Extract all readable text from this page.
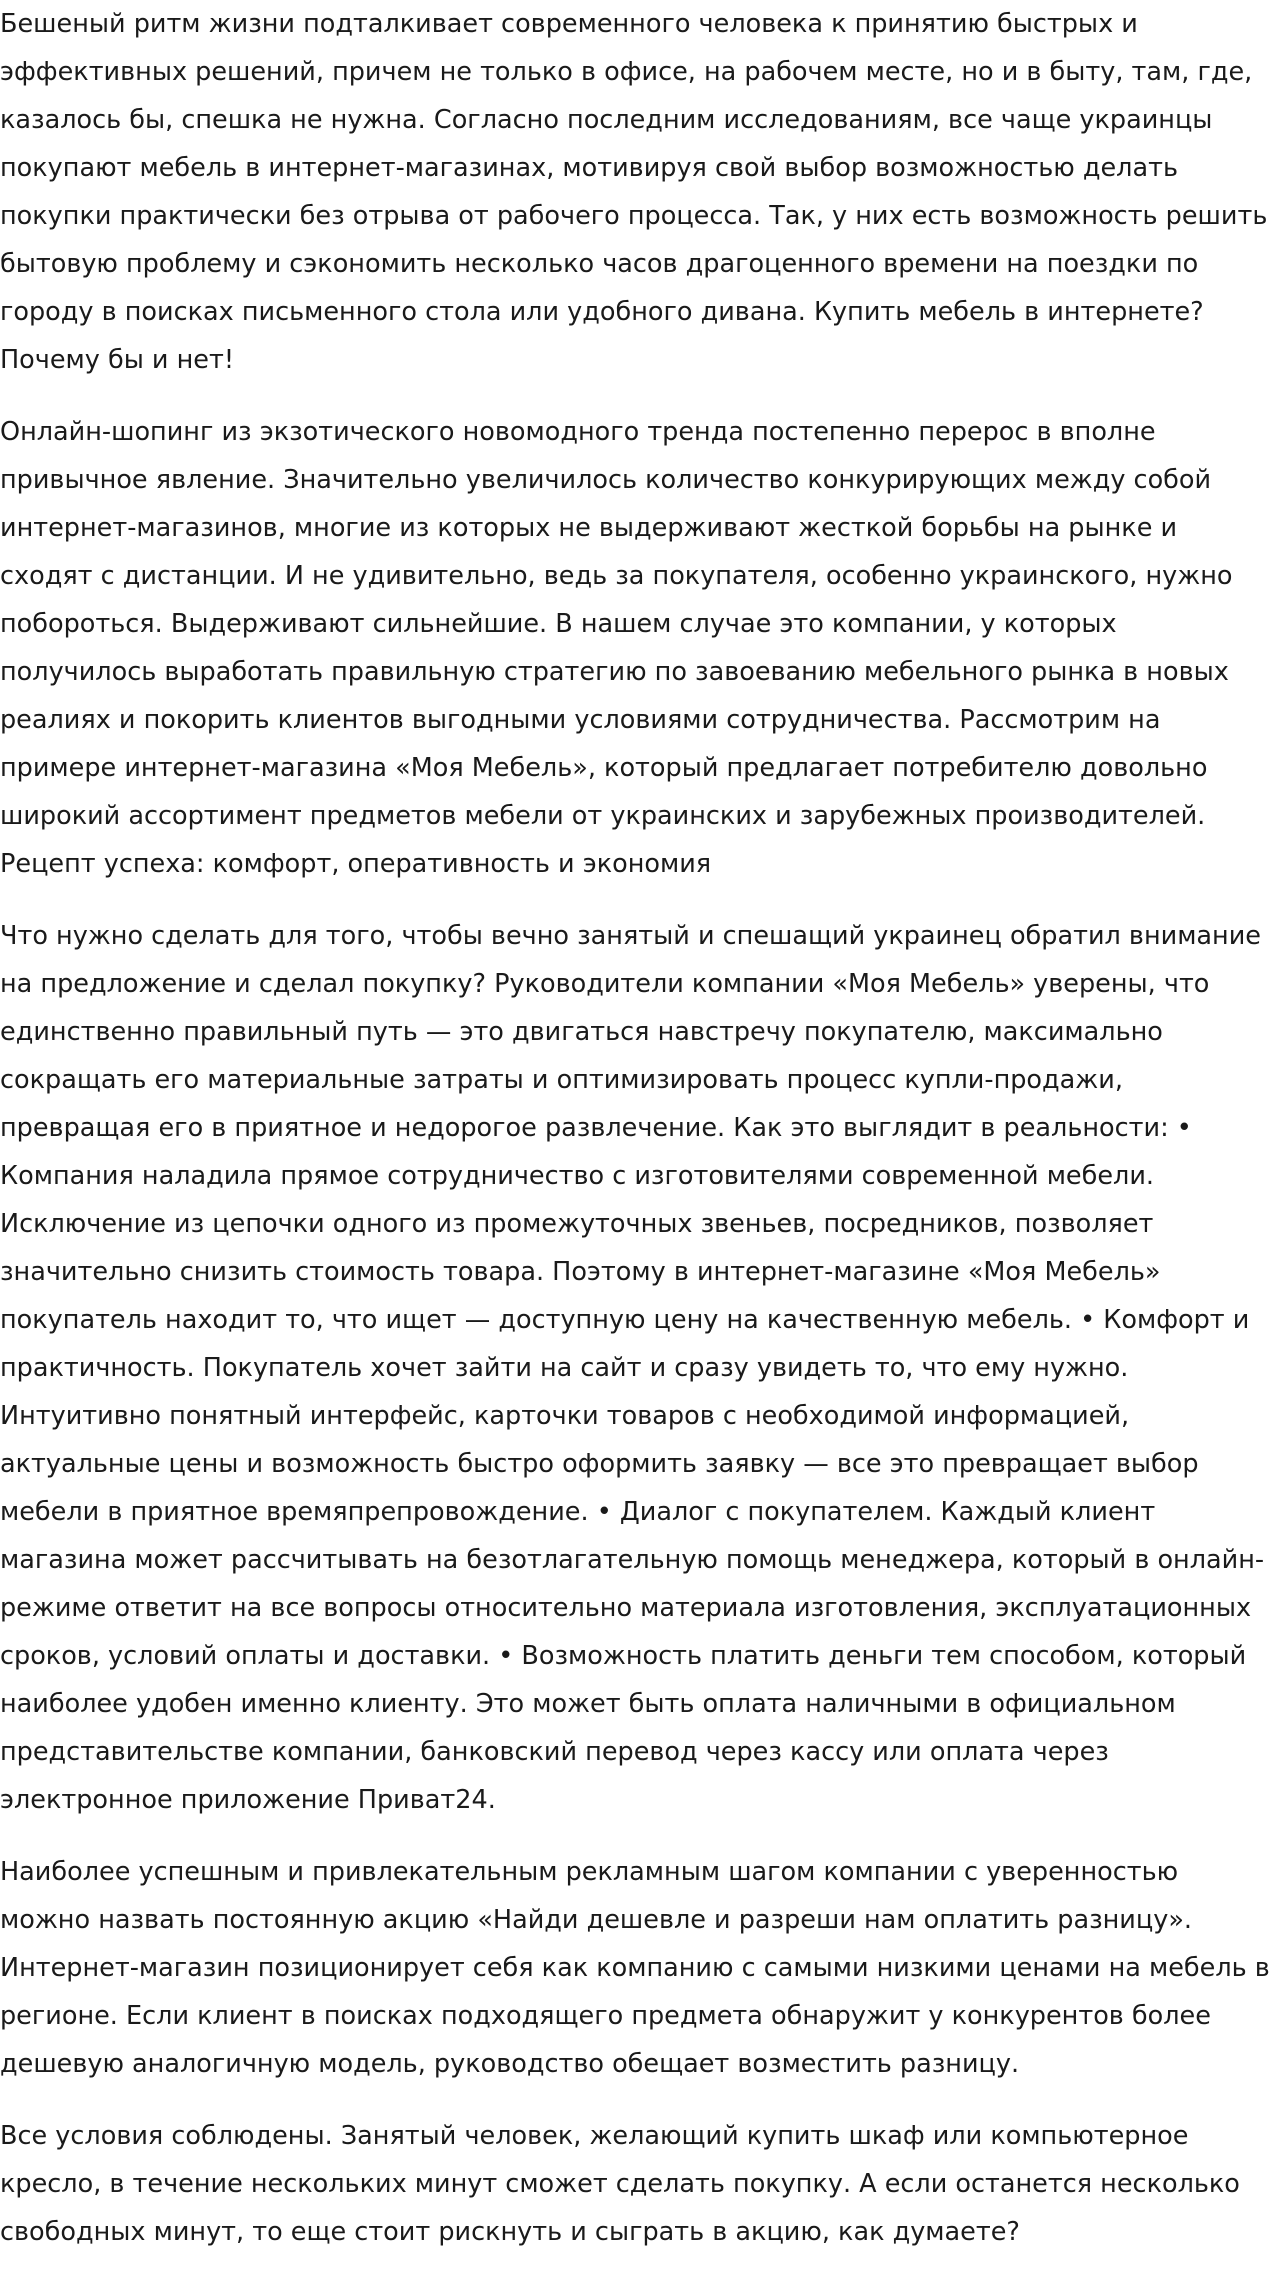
Бешеный ритм жизни подталкивает современного человека к принятию быстрых и эффективных решений, причем не только в офисе, на рабочем месте, но и в быту, там, где, казалось бы, спешка не нужна. Согласно последним исследованиям, все чаще украинцы покупают мебель в интернет-магазинах, мотивируя свой выбор возможностью делать покупки практически без отрыва от рабочего процесса. Так, у них есть возможность решить бытовую проблему и сэкономить несколько часов драгоценного времени на поездки по городу в поисках письменного стола или удобного дивана. Купить мебель в интернете? Почему бы и нет!

Онлайн-шопинг из экзотического новомодного тренда постепенно перерос в вполне привычное явление. Значительно увеличилось количество конкурирующих между собой интернет-магазинов, многие из которых не выдерживают жесткой борьбы на рынке и сходят с дистанции. И не удивительно, ведь за покупателя, особенно украинского, нужно побороться. Выдерживают сильнейшие. В нашем случае это компании, у которых получилось выработать правильную стратегию по завоеванию мебельного рынка в новых реалиях и покорить клиентов выгодными условиями сотрудничества. Рассмотрим на примере интернет-магазина «Моя Мебель», который предлагает потребителю довольно широкий ассортимент предметов мебели от украинских и зарубежных производителей. Рецепт успеха: комфорт, оперативность и экономия

Что нужно сделать для того, чтобы вечно занятый и спешащий украинец обратил внимание на предложение и сделал покупку? Руководители компании «Моя Мебель» уверены, что единственно правильный путь — это двигаться навстречу покупателю, максимально сокращать его материальные затраты и оптимизировать процесс купли-продажи, превращая его в приятное и недорогое развлечение. Как это выглядит в реальности: • Компания наладила прямое сотрудничество с изготовителями современной мебели. Исключение из цепочки одного из промежуточных звеньев, посредников, позволяет значительно снизить стоимость товара. Поэтому в интернет-магазине «Моя Мебель» покупатель находит то, что ищет — доступную цену на качественную мебель. • Комфорт и практичность. Покупатель хочет зайти на сайт и сразу увидеть то, что ему нужно. Интуитивно понятный интерфейс, карточки товаров с необходимой информацией, актуальные цены и возможность быстро оформить заявку — все это превращает выбор мебели в приятное времяпрепровождение. • Диалог с покупателем. Каждый клиент магазина может рассчитывать на безотлагательную помощь менеджера, который в онлайн-режиме ответит на все вопросы относительно материала изготовления, эксплуатационных сроков, условий оплаты и доставки. • Возможность платить деньги тем способом, который наиболее удобен именно клиенту. Это может быть оплата наличными в официальном представительстве компании, банковский перевод через кассу или оплата через электронное приложение Приват24.

Наиболее успешным и привлекательным рекламным шагом компании с уверенностью можно назвать постоянную акцию «Найди дешевле и разреши нам оплатить разницу». Интернет-магазин позиционирует себя как компанию с самыми низкими ценами на мебель в регионе. Если клиент в поисках подходящего предмета обнаружит у конкурентов более дешевую аналогичную модель, руководство обещает возместить разницу.

Все условия соблюдены. Занятый человек, желающий купить шкаф или компьютерное кресло, в течение нескольких минут сможет сделать покупку. А если останется несколько свободных минут, то еще стоит рискнуть и сыграть в акцию, как думаете?
